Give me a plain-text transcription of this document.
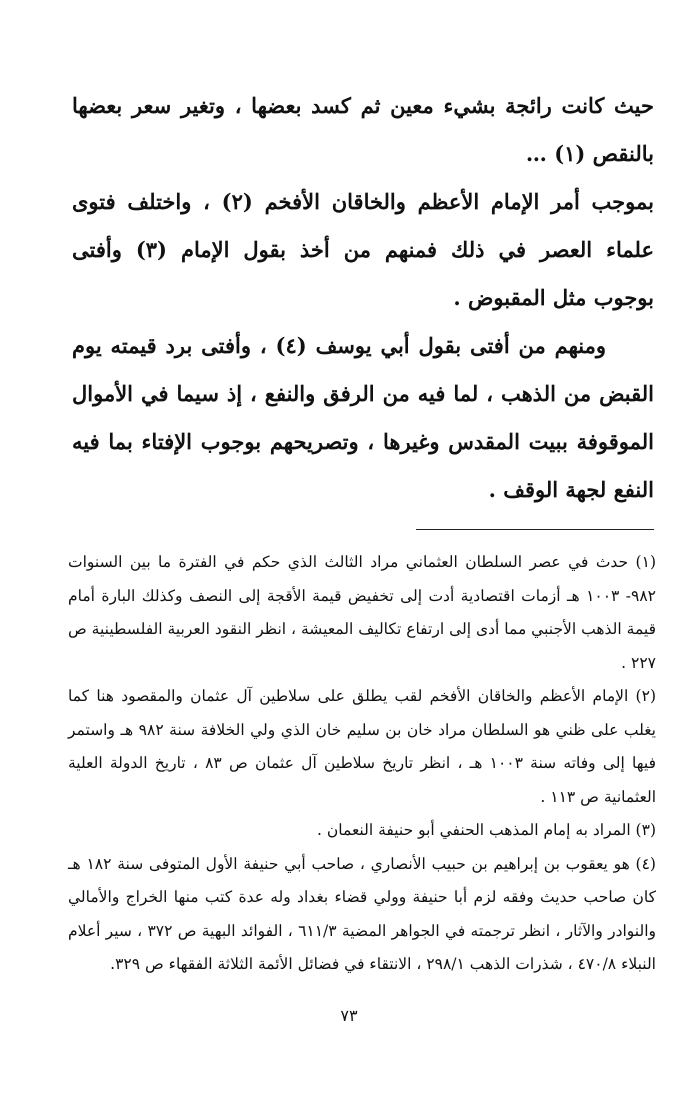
حيث كانت رائجة بشيء معين ثم كسد بعضها ، وتغير سعر بعضها بالنقص (١) …

بموجب أمر الإمام الأعظم والخاقان الأفخم (٢) ، واختلف فتوى علماء العصر في ذلك فمنهم من أخذ بقول الإمام (٣) وأفتى بوجوب مثل المقبوض .

ومنهم من أفتى بقول أبي يوسف (٤) ، وأفتى برد قيمته يوم القبض من الذهب ، لما فيه من الرفق والنفع ، إذ سيما في الأموال الموقوفة ببيت المقدس وغيرها ، وتصريحهم بوجوب الإفتاء بما فيه النفع لجهة الوقف .

(١) حدث في عصر السلطان العثماني مراد الثالث الذي حكم في الفترة ما بين السنوات ٩٨٢- ١٠٠٣ هـ أزمات اقتصادية أدت إلى تخفيض قيمة الأقجة إلى النصف وكذلك البارة أمام قيمة الذهب الأجنبي مما أدى إلى ارتفاع تكاليف المعيشة ، انظر النقود العربية الفلسطينية ص ٢٢٧ .

(٢) الإمام الأعظم والخاقان الأفخم لقب يطلق على سلاطين آل عثمان والمقصود هنا كما يغلب على ظني هو السلطان مراد خان بن سليم خان الذي ولي الخلافة سنة ٩٨٢ هـ واستمر فيها إلى وفاته سنة ١٠٠٣ هـ ، انظر تاريخ سلاطين آل عثمان ص ٨٣ ، تاريخ الدولة العلية العثمانية ص ١١٣ .

(٣) المراد به إمام المذهب الحنفي أبو حنيفة النعمان .

(٤) هو يعقوب بن إبراهيم بن حبيب الأنصاري ، صاحب أبي حنيفة الأول المتوفى سنة ١٨٢ هـ كان صاحب حديث وفقه لزم أبا حنيفة وولي قضاء بغداد وله عدة كتب منها الخراج والأمالي والنوادر والآثار ، انظر ترجمته في الجواهر المضية ٦١١/٣ ، الفوائد البهية ص ٣٧٢ ، سير أعلام النبلاء ٤٧٠/٨ ، شذرات الذهب ٢٩٨/١ ، الانتقاء في فضائل الأئمة الثلاثة الفقهاء ص ٣٢٩.

٧٣
